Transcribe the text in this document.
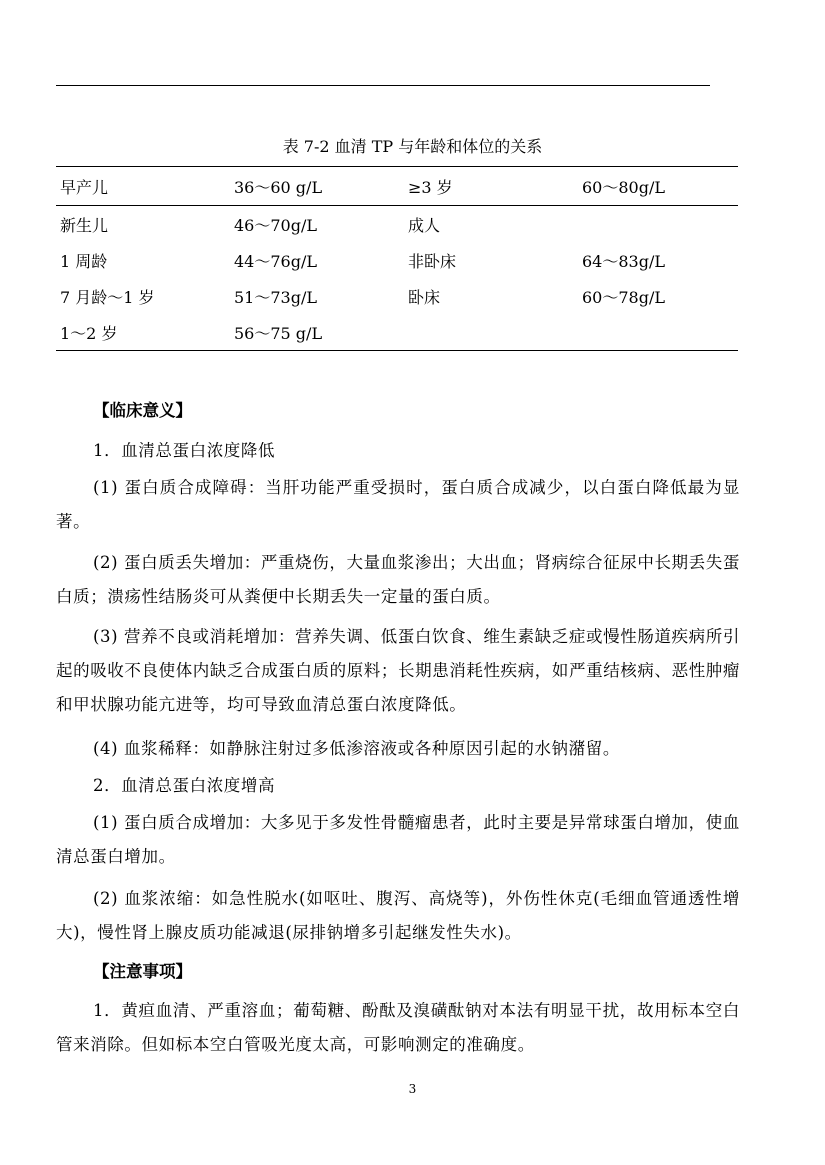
表 7-2 血清 TP 与年龄和体位的关系
早产儿	36～60 g/L	≥3 岁	60～80g/L
新生儿	46～70g/L	成人	
1 周龄	44～76g/L	非卧床	64～83g/L
7 月龄～1 岁	51～73g/L	卧床	60～78g/L
1～2 岁	56～75 g/L		
【临床意义】
1．血清总蛋白浓度降低
(1) 蛋白质合成障碍：当肝功能严重受损时，蛋白质合成减少，以白蛋白降低最为显著。
(2) 蛋白质丢失增加：严重烧伤，大量血浆渗出；大出血；肾病综合征尿中长期丢失蛋白质；溃疡性结肠炎可从粪便中长期丢失一定量的蛋白质。
(3) 营养不良或消耗增加：营养失调、低蛋白饮食、维生素缺乏症或慢性肠道疾病所引起的吸收不良使体内缺乏合成蛋白质的原料；长期患消耗性疾病，如严重结核病、恶性肿瘤和甲状腺功能亢进等，均可导致血清总蛋白浓度降低。
(4) 血浆稀释：如静脉注射过多低渗溶液或各种原因引起的水钠潴留。
2．血清总蛋白浓度增高
(1) 蛋白质合成增加：大多见于多发性骨髓瘤患者，此时主要是异常球蛋白增加，使血清总蛋白增加。
(2) 血浆浓缩：如急性脱水(如呕吐、腹泻、高烧等)，外伤性休克(毛细血管通透性增大)，慢性肾上腺皮质功能减退(尿排钠增多引起继发性失水)。
【注意事项】
1．黄疸血清、严重溶血；葡萄糖、酚酞及溴磺酞钠对本法有明显干扰，故用标本空白管来消除。但如标本空白管吸光度太高，可影响测定的准确度。
3
